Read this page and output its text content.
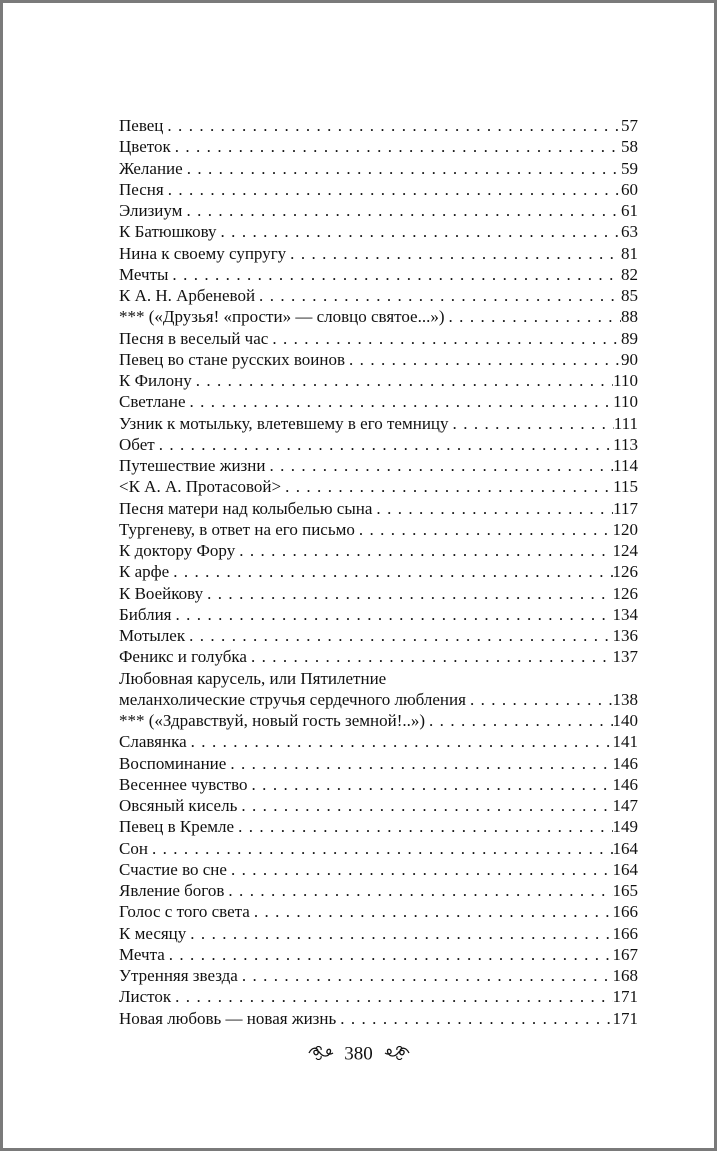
Певец .....	57
Цветок .....	58
Желание .....	59
Песня .....	60
Элизиум .....	61
К Батюшкову .....	63
Нина к своему супругу .....	81
Мечты .....	82
К А. Н. Арбеневой .....	85
*** («Друзья! «прости» — словцо святое...») .....	88
Песня в веселый час .....	89
Певец во стане русских воинов .....	90
К Филону .....	110
Светлане .....	110
Узник к мотыльку, влетевшему в его темницу .....	111
Обет .....	113
Путешествие жизни .....	114
<К А. А. Протасовой> .....	115
Песня матери над колыбелью сына .....	117
Тургеневу, в ответ на его письмо .....	120
К доктору Фору .....	124
К арфе .....	126
К Воейкову .....	126
Библия .....	134
Мотылек .....	136
Феникс и голубка .....	137
Любовная карусель, или Пятилетние
меланхолические стручья сердечного любления .....	138
*** («Здравствуй, новый гость земной!..») .....	140
Славянка .....	141
Воспоминание .....	146
Весеннее чувство .....	146
Овсяный кисель .....	147
Певец в Кремле .....	149
Сон .....	164
Счастие во сне .....	164
Явление богов .....	165
Голос с того света .....	166
К месяцу .....	166
Мечта .....	167
Утренняя звезда .....	168
Листок .....	171
Новая любовь — новая жизнь .....	171
380
